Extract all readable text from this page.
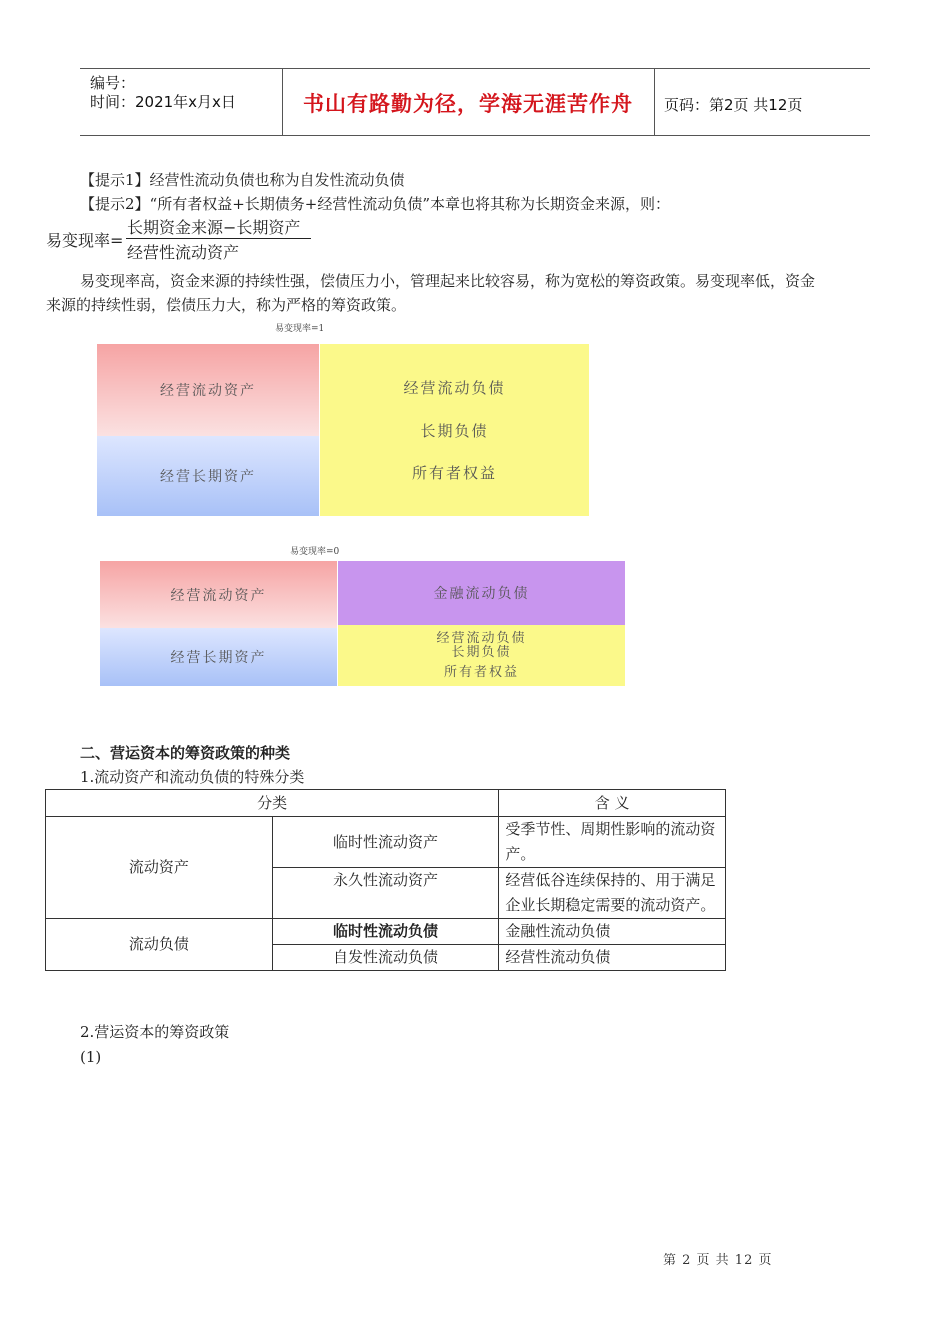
编号：
时间：2021年x月x日	书山有路勤为径，学海无涯苦作舟	页码：第2页 共12页
【提示1】经营性流动负债也称为自发性流动负债
【提示2】“所有者权益+长期债务+经营性流动负债”本章也将其称为长期资金来源，则：
易变现率=
长期资金来源−长期资产
经营性流动资产
易变现率高，资金来源的持续性强，偿债压力小，管理起来比较容易，称为宽松的筹资政策。易变现率低，资金
来源的持续性弱，偿债压力大，称为严格的筹资政策。
易变现率=1
经营流动资产
经营长期资产
经营流动负债
长期负债
所有者权益
易变现率=0
经营流动资产
经营长期资产
金融流动负债
经营流动负债
长期负债
所有者权益
二、营运资本的筹资政策的种类
1.流动资产和流动负债的特殊分类
分类		含 义
流动资产	临时性流动资产	受季节性、周期性影响的流动资产。
	永久性流动资产	经营低谷连续保持的、用于满足企业长期稳定需要的流动资产。
流动负债	临时性流动负债	金融性流动负债
	自发性流动负债	经营性流动负债
2.营运资本的筹资政策
(1)
第 2 页 共 12 页
